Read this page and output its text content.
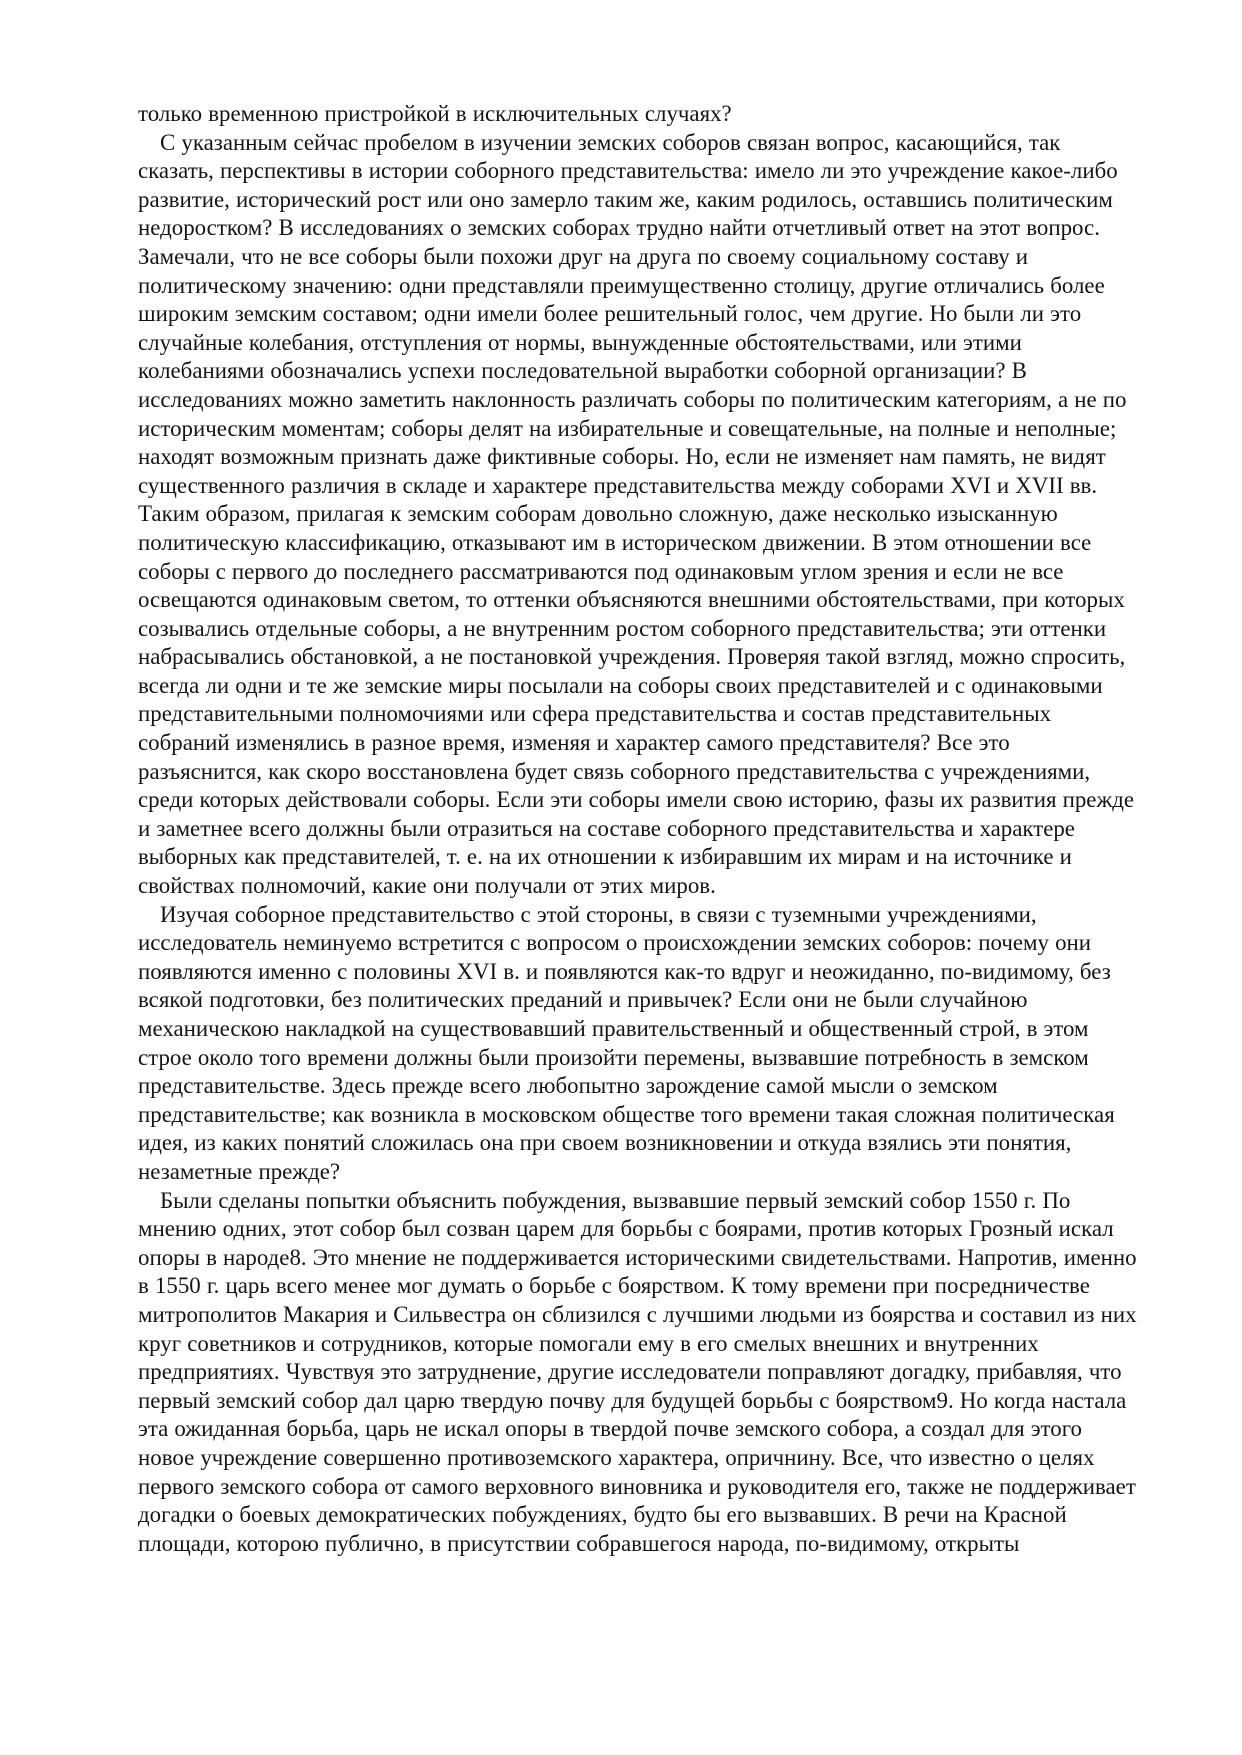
только временною пристройкой в исключительных случаях?

С указанным сейчас пробелом в изучении земских соборов связан вопрос, касающийся, так сказать, перспективы в истории соборного представительства: имело ли это учреждение какое-либо развитие, исторический рост или оно замерло таким же, каким родилось, оставшись политическим недоростком? В исследованиях о земских соборах трудно найти отчетливый ответ на этот вопрос. Замечали, что не все соборы были похожи друг на друга по своему социальному составу и политическому значению: одни представляли преимущественно столицу, другие отличались более широким земским составом; одни имели более решительный голос, чем другие. Но были ли это случайные колебания, отступления от нормы, вынужденные обстоятельствами, или этими колебаниями обозначались успехи последовательной выработки соборной организации? В исследованиях можно заметить наклонность различать соборы по политическим категориям, а не по историческим моментам; соборы делят на избирательные и совещательные, на полные и неполные; находят возможным признать даже фиктивные соборы. Но, если не изменяет нам память, не видят существенного различия в складе и характере представительства между соборами XVI и XVII вв. Таким образом, прилагая к земским соборам довольно сложную, даже несколько изысканную политическую классификацию, отказывают им в историческом движении. В этом отношении все соборы с первого до последнего рассматриваются под одинаковым углом зрения и если не все освещаются одинаковым светом, то оттенки объясняются внешними обстоятельствами, при которых созывались отдельные соборы, а не внутренним ростом соборного представительства; эти оттенки набрасывались обстановкой, а не постановкой учреждения. Проверяя такой взгляд, можно спросить, всегда ли одни и те же земские миры посылали на соборы своих представителей и с одинаковыми представительными полномочиями или сфера представительства и состав представительных собраний изменялись в разное время, изменяя и характер самого представителя? Все это разъяснится, как скоро восстановлена будет связь соборного представительства с учреждениями, среди которых действовали соборы. Если эти соборы имели свою историю, фазы их развития прежде и заметнее всего должны были отразиться на составе соборного представительства и характере выборных как представителей, т. е. на их отношении к избиравшим их мирам и на источнике и свойствах полномочий, какие они получали от этих миров.

Изучая соборное представительство с этой стороны, в связи с туземными учреждениями, исследователь неминуемо встретится с вопросом о происхождении земских соборов: почему они появляются именно с половины XVI в. и появляются как-то вдруг и неожиданно, по-видимому, без всякой подготовки, без политических преданий и привычек? Если они не были случайною механическою накладкой на существовавший правительственный и общественный строй, в этом строе около того времени должны были произойти перемены, вызвавшие потребность в земском представительстве. Здесь прежде всего любопытно зарождение самой мысли о земском представительстве; как возникла в московском обществе того времени такая сложная политическая идея, из каких понятий сложилась она при своем возникновении и откуда взялись эти понятия, незаметные прежде?

Были сделаны попытки объяснить побуждения, вызвавшие первый земский собор 1550 г. По мнению одних, этот собор был созван царем для борьбы с боярами, против которых Грозный искал опоры в народе8. Это мнение не поддерживается историческими свидетельствами. Напротив, именно в 1550 г. царь всего менее мог думать о борьбе с боярством. К тому времени при посредничестве митрополитов Макария и Сильвестра он сблизился с лучшими людьми из боярства и составил из них круг советников и сотрудников, которые помогали ему в его смелых внешних и внутренних предприятиях. Чувствуя это затруднение, другие исследователи поправляют догадку, прибавляя, что первый земский собор дал царю твердую почву для будущей борьбы с боярством9. Но когда настала эта ожиданная борьба, царь не искал опоры в твердой почве земского собора, а создал для этого новое учреждение совершенно противоземского характера, опричнину. Все, что известно о целях первого земского собора от самого верховного виновника и руководителя его, также не поддерживает догадки о боевых демократических побуждениях, будто бы его вызвавших. В речи на Красной площади, которою публично, в присутствии собравшегося народа, по-видимому, открыты
